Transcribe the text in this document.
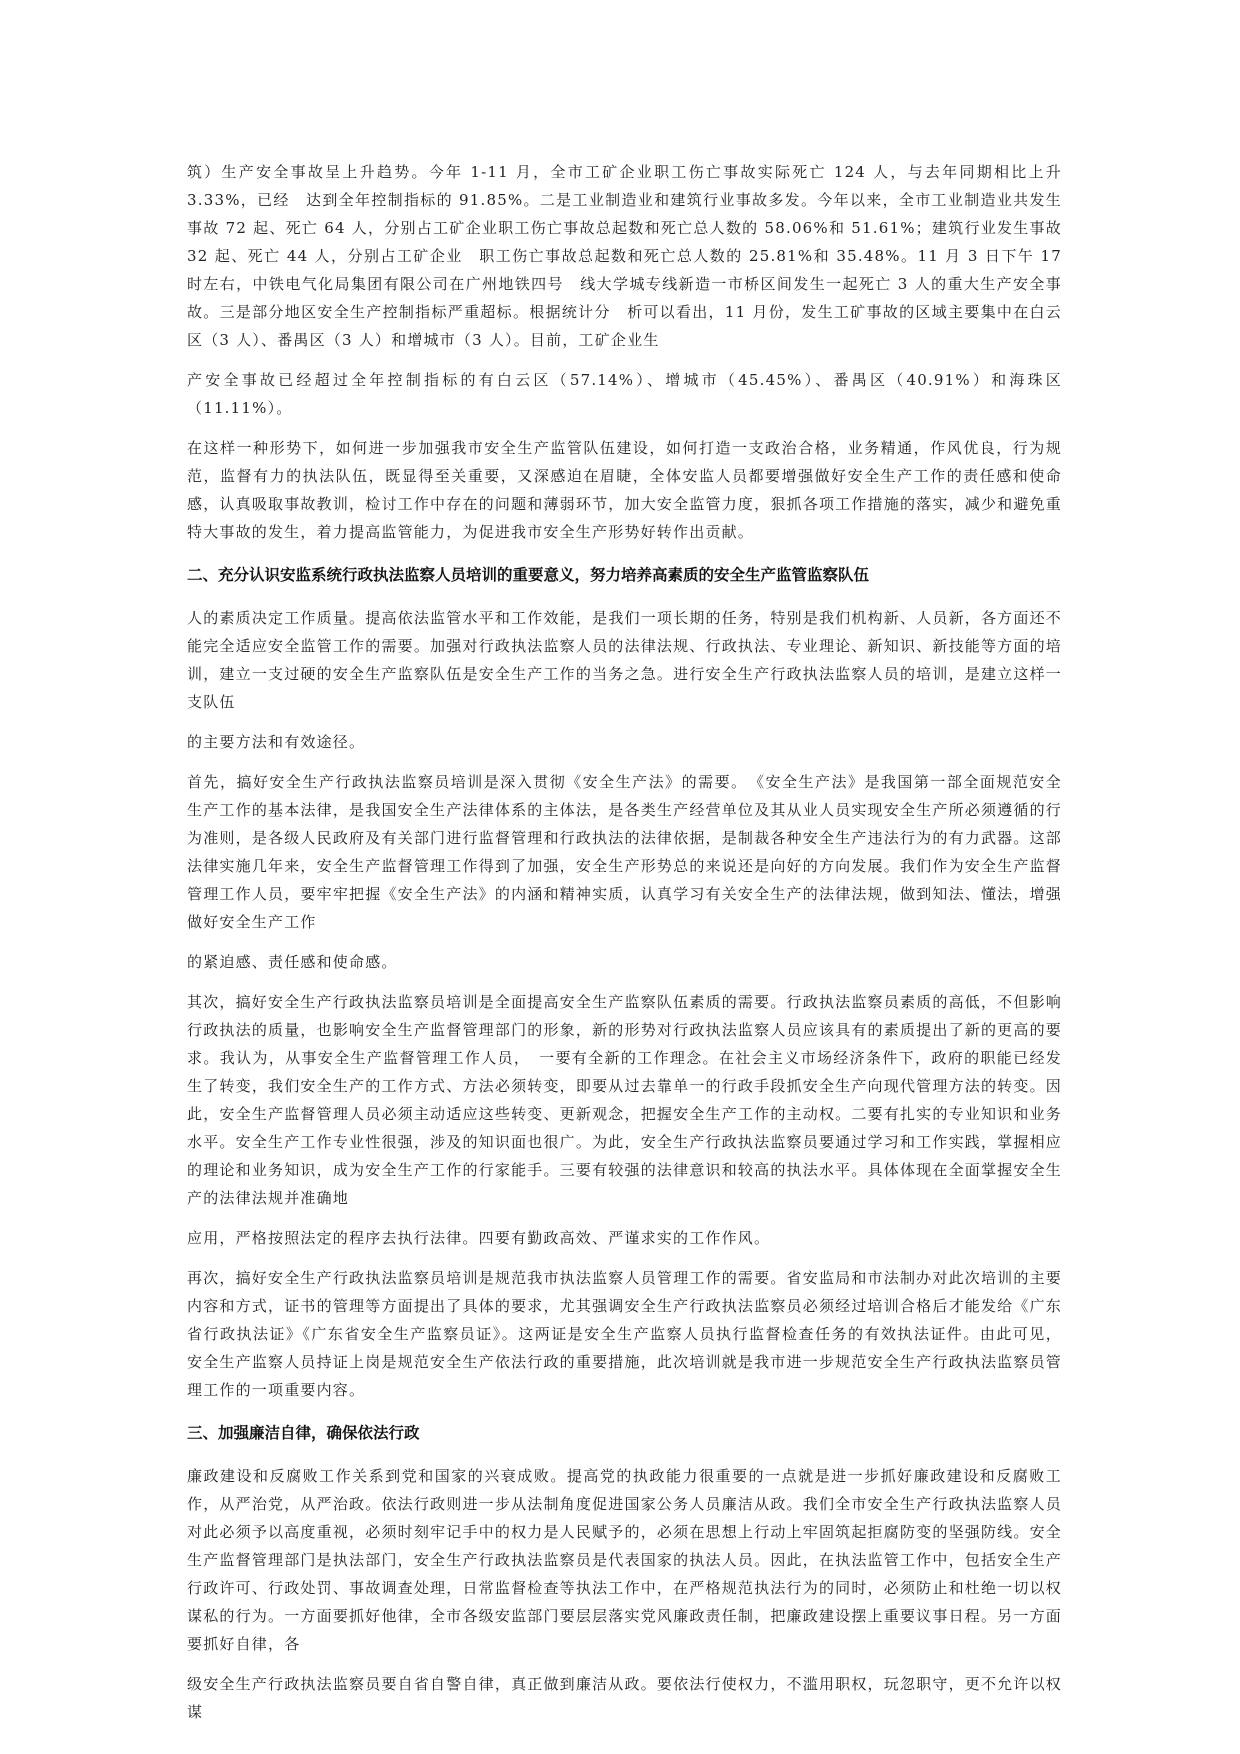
筑）生产安全事故呈上升趋势。今年 1-11 月，全市工矿企业职工伤亡事故实际死亡 124 人，与去年同期相比上升 3.33%，已经　达到全年控制指标的 91.85%。二是工业制造业和建筑行业事故多发。今年以来，全市工业制造业共发生事故 72 起、死亡 64 人，分别占工矿企业职工伤亡事故总起数和死亡总人数的 58.06%和 51.61%；建筑行业发生事故 32 起、死亡 44 人，分别占工矿企业　职工伤亡事故总起数和死亡总人数的 25.81%和 35.48%。11 月 3 日下午 17 时左右，中铁电气化局集团有限公司在广州地铁四号　线大学城专线新造一市桥区间发生一起死亡 3 人的重大生产安全事故。三是部分地区安全生产控制指标严重超标。根据统计分　析可以看出，11 月份，发生工矿事故的区域主要集中在白云区（3 人）、番禺区（3 人）和增城市（3 人）。目前，工矿企业生

产安全事故已经超过全年控制指标的有白云区（57.14%）、增城市（45.45%）、番禺区（40.91%）和海珠区（11.11%）。

在这样一种形势下，如何进一步加强我市安全生产监管队伍建设，如何打造一支政治合格，业务精通，作风优良，行为规范，监督有力的执法队伍，既显得至关重要，又深感迫在眉睫，全体安监人员都要增强做好安全生产工作的责任感和使命感，认真吸取事故教训，检讨工作中存在的问题和薄弱环节，加大安全监管力度，狠抓各项工作措施的落实，减少和避免重特大事故的发生，着力提高监管能力，为促进我市安全生产形势好转作出贡献。

二、充分认识安监系统行政执法监察人员培训的重要意义，努力培养高素质的安全生产监管监察队伍

人的素质决定工作质量。提高依法监管水平和工作效能，是我们一项长期的任务，特别是我们机构新、人员新，各方面还不能完全适应安全监管工作的需要。加强对行政执法监察人员的法律法规、行政执法、专业理论、新知识、新技能等方面的培训，建立一支过硬的安全生产监察队伍是安全生产工作的当务之急。进行安全生产行政执法监察人员的培训，是建立这样一支队伍

的主要方法和有效途径。

首先，搞好安全生产行政执法监察员培训是深入贯彻《安全生产法》的需要。　《安全生产法》是我国第一部全面规范安全生产工作的基本法律，是我国安全生产法律体系的主体法，是各类生产经营单位及其从业人员实现安全生产所必须遵循的行为准则，是各级人民政府及有关部门进行监督管理和行政执法的法律依据，是制裁各种安全生产违法行为的有力武器。这部法律实施几年来，安全生产监督管理工作得到了加强，安全生产形势总的来说还是向好的方向发展。我们作为安全生产监督管理工作人员，要牢牢把握《安全生产法》的内涵和精神实质，认真学习有关安全生产的法律法规，做到知法、懂法，增强做好安全生产工作

的紧迫感、责任感和使命感。

其次，搞好安全生产行政执法监察员培训是全面提高安全生产监察队伍素质的需要。行政执法监察员素质的高低，不但影响行政执法的质量，也影响安全生产监督管理部门的形象，新的形势对行政执法监察人员应该具有的素质提出了新的更高的要求。我认为，从事安全生产监督管理工作人员，　一要有全新的工作理念。在社会主义市场经济条件下，政府的职能已经发生了转变，我们安全生产的工作方式、方法必须转变，即要从过去靠单一的行政手段抓安全生产向现代管理方法的转变。因此，安全生产监督管理人员必须主动适应这些转变、更新观念，把握安全生产工作的主动权。二要有扎实的专业知识和业务水平。安全生产工作专业性很强，涉及的知识面也很广。为此，安全生产行政执法监察员要通过学习和工作实践，掌握相应的理论和业务知识，成为安全生产工作的行家能手。三要有较强的法律意识和较高的执法水平。具体体现在全面掌握安全生产的法律法规并准确地

应用，严格按照法定的程序去执行法律。四要有勤政高效、严谨求实的工作作风。

再次，搞好安全生产行政执法监察员培训是规范我市执法监察人员管理工作的需要。省安监局和市法制办对此次培训的主要内容和方式，证书的管理等方面提出了具体的要求，尤其强调安全生产行政执法监察员必须经过培训合格后才能发给《广东省行政执法证》《广东省安全生产监察员证》。这两证是安全生产监察人员执行监督检查任务的有效执法证件。由此可见，安全生产监察人员持证上岗是规范安全生产依法行政的重要措施，此次培训就是我市进一步规范安全生产行政执法监察员管理工作的一项重要内容。

三、加强廉洁自律，确保依法行政

廉政建设和反腐败工作关系到党和国家的兴衰成败。提高党的执政能力很重要的一点就是进一步抓好廉政建设和反腐败工作，从严治党，从严治政。依法行政则进一步从法制角度促进国家公务人员廉洁从政。我们全市安全生产行政执法监察人员对此必须予以高度重视，必须时刻牢记手中的权力是人民赋予的，必须在思想上行动上牢固筑起拒腐防变的坚强防线。安全生产监督管理部门是执法部门，安全生产行政执法监察员是代表国家的执法人员。因此，在执法监管工作中，包括安全生产行政许可、行政处罚、事故调查处理，日常监督检查等执法工作中，在严格规范执法行为的同时，必须防止和杜绝一切以权谋私的行为。一方面要抓好他律，全市各级安监部门要层层落实党风廉政责任制，把廉政建设摆上重要议事日程。另一方面要抓好自律，各

级安全生产行政执法监察员要自省自警自律，真正做到廉洁从政。要依法行使权力，不滥用职权，玩忽职守，更不允许以权谋
